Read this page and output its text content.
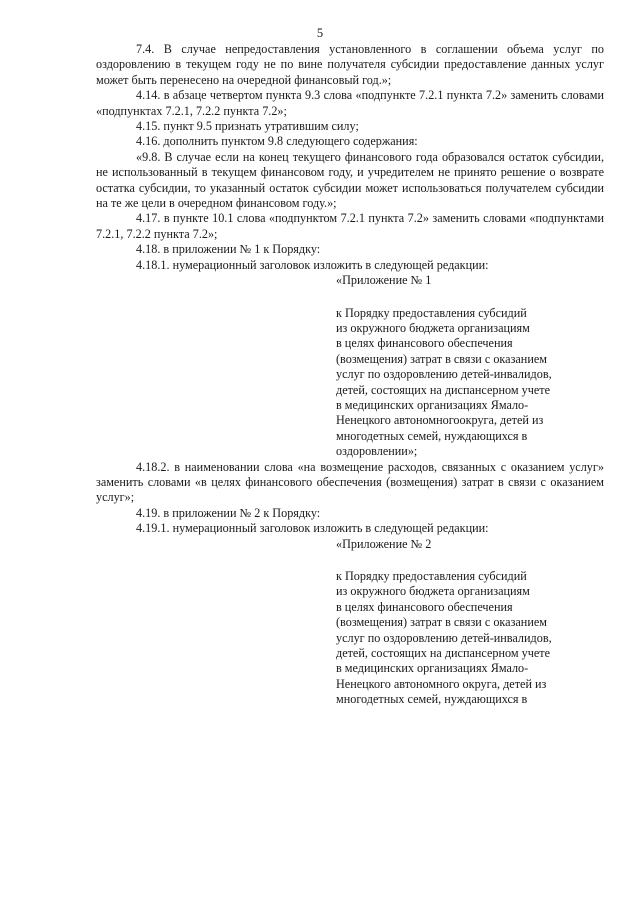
5

7.4. В случае непредоставления установленного в соглашении объема услуг по оздоровлению в текущем году не по вине получателя субсидии предоставление данных услуг может быть перенесено на очередной финансовый год.»;

4.14. в абзаце четвертом пункта 9.3 слова «подпункте 7.2.1 пункта 7.2» заменить словами «подпунктах 7.2.1, 7.2.2 пункта 7.2»;

4.15. пункт 9.5 признать утратившим силу;

4.16. дополнить пунктом 9.8 следующего содержания:

«9.8. В случае если на конец текущего финансового года образовался остаток субсидии, не использованный в текущем финансовом году, и учредителем не принято решение о возврате остатка субсидии, то указанный остаток субсидии может использоваться получателем субсидии на те же цели в очередном финансовом году.»;

4.17. в пункте 10.1 слова «подпунктом 7.2.1 пункта 7.2» заменить словами «подпунктами 7.2.1, 7.2.2 пункта 7.2»;

4.18. в приложении № 1 к Порядку:

4.18.1. нумерационный заголовок изложить в следующей редакции:

«Приложение № 1

к Порядку предоставления субсидий

из окружного бюджета организациям

в целях финансового обеспечения

(возмещения) затрат в связи с оказанием

услуг по оздоровлению детей-инвалидов,

детей, состоящих на диспансерном учете

в медицинских организациях Ямало-

Ненецкого автономногоокруга, детей из

многодетных семей, нуждающихся в

оздоровлении»;

4.18.2. в наименовании слова «на возмещение расходов, связанных с оказанием услуг» заменить словами «в целях финансового обеспечения (возмещения) затрат в связи с оказанием услуг»;

4.19. в приложении № 2 к Порядку:

4.19.1. нумерационный заголовок изложить в следующей редакции:

«Приложение № 2

к Порядку предоставления субсидий

из окружного бюджета организациям

в целях финансового обеспечения

(возмещения) затрат в связи с оказанием

услуг по оздоровлению детей-инвалидов,

детей, состоящих на диспансерном учете

в медицинских организациях Ямало-

Ненецкого автономного округа, детей из

многодетных семей, нуждающихся в
